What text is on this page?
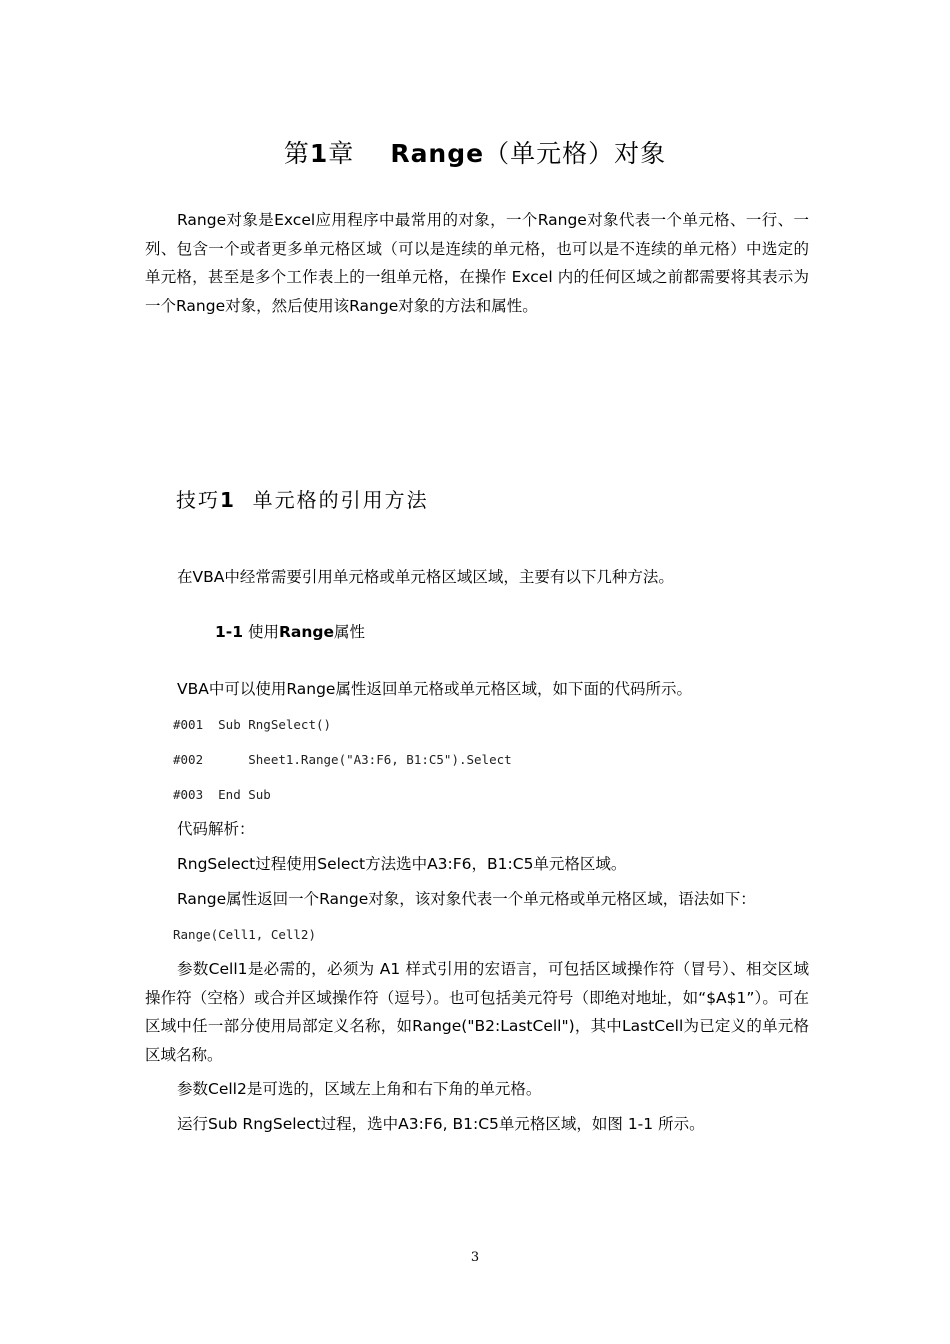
第1章 Range（单元格）对象

Range对象是Excel应用程序中最常用的对象，一个Range对象代表一个单元格、一行、一列、包含一个或者更多单元格区域（可以是连续的单元格，也可以是不连续的单元格）中选定的单元格，甚至是多个工作表上的一组单元格，在操作 Excel 内的任何区域之前都需要将其表示为一个Range对象，然后使用该Range对象的方法和属性。

技巧1 单元格的引用方法
在VBA中经常需要引用单元格或单元格区域区域，主要有以下几种方法。
1-1 使用Range属性
VBA中可以使用Range属性返回单元格或单元格区域，如下面的代码所示。
#001  Sub RngSelect()
#002      Sheet1.Range("A3:F6, B1:C5").Select
#003  End Sub
代码解析：
RngSelect过程使用Select方法选中A3:F6，B1:C5单元格区域。
Range属性返回一个Range对象，该对象代表一个单元格或单元格区域，语法如下：
Range(Cell1, Cell2)

参数Cell1是必需的，必须为 A1 样式引用的宏语言，可包括区域操作符（冒号）、相交区域操作符（空格）或合并区域操作符（逗号）。也可包括美元符号（即绝对地址，如“$A$1”）。可在区域中任一部分使用局部定义名称，如Range("B2:LastCell")，其中LastCell为已定义的单元格区域名称。

参数Cell2是可选的，区域左上角和右下角的单元格。
运行Sub RngSelect过程，选中A3:F6, B1:C5单元格区域，如图 1-1 所示。
3
